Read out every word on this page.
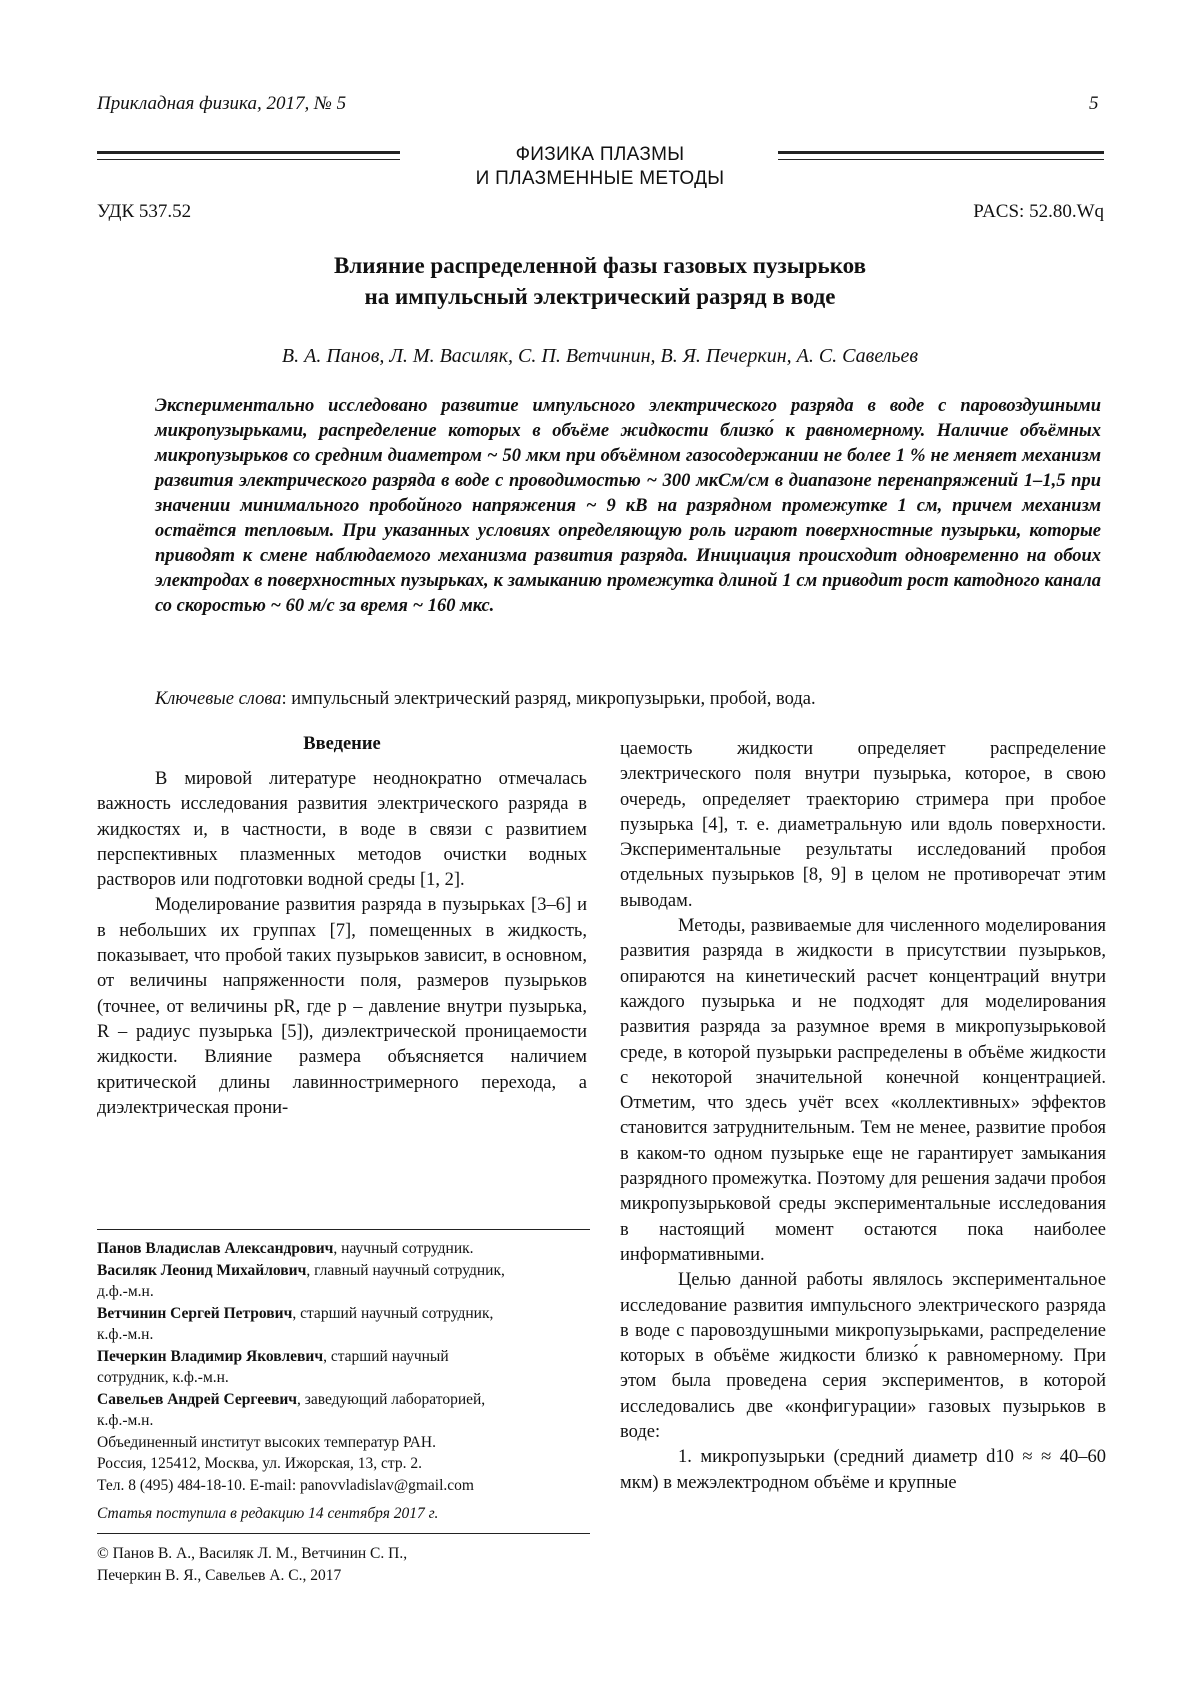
Прикладная физика, 2017, № 5	5
ФИЗИКА ПЛАЗМЫ
И ПЛАЗМЕННЫЕ МЕТОДЫ
УДК 537.52	PACS: 52.80.Wq
Влияние распределенной фазы газовых пузырьков
на импульсный электрический разряд в воде
В. А. Панов, Л. М. Василяк, С. П. Ветчинин, В. Я. Печеркин, А. С. Савельев

Экспериментально исследовано развитие импульсного электрического разряда в воде с паровоздушными микропузырьками, распределение которых в объёме жидкости близко́ к равномерному. Наличие объёмных микропузырьков со средним диаметром ~ 50 мкм при объёмном газосодержании не более 1 % не меняет механизм развития электрического разряда в воде с проводимостью ~ 300 мкСм/см в диапазоне перенапряжений 1–1,5 при значении минимального пробойного напряжения ~ 9 кВ на разрядном промежутке 1 см, причем механизм остаётся тепловым. При указанных условиях определяющую роль играют поверхностные пузырьки, которые приводят к смене наблюдаемого механизма развития разряда. Инициация происходит одновременно на обоих электродах в поверхностных пузырьках, к замыканию промежутка длиной 1 см приводит рост катодного канала со скоростью ~ 60 м/с за время ~ 160 мкс.

Ключевые слова: импульсный электрический разряд, микропузырьки, пробой, вода.
Введение

В мировой литературе неоднократно отмечалась важность исследования развития электрического разряда в жидкостях и, в частности, в воде в связи с развитием перспективных плазменных методов очистки водных растворов или подготовки водной среды [1, 2].

Моделирование развития разряда в пузырьках [3–6] и в небольших их группах [7], помещенных в жидкость, показывает, что пробой таких пузырьков зависит, в основном, от величины напряженности поля, размеров пузырьков (точнее, от величины pR, где p – давление внутри пузырька, R – радиус пузырька [5]), диэлектрической проницаемости жидкости. Влияние размера объясняется наличием критической длины лавинностримерного перехода, а диэлектрическая прони-

цаемость жидкости определяет распределение электрического поля внутри пузырька, которое, в свою очередь, определяет траекторию стримера при пробое пузырька [4], т. е. диаметральную или вдоль поверхности. Экспериментальные результаты исследований пробоя отдельных пузырьков [8, 9] в целом не противоречат этим выводам.

Методы, развиваемые для численного моделирования развития разряда в жидкости в присутствии пузырьков, опираются на кинетический расчет концентраций внутри каждого пузырька и не подходят для моделирования развития разряда за разумное время в микропузырьковой среде, в которой пузырьки распределены в объёме жидкости с некоторой значительной конечной концентрацией. Отметим, что здесь учёт всех «коллективных» эффектов становится затруднительным. Тем не менее, развитие пробоя в каком-то одном пузырьке еще не гарантирует замыкания разрядного промежутка. Поэтому для решения задачи пробоя микропузырьковой среды экспериментальные исследования в настоящий момент остаются пока наиболее информативными.

Целью данной работы являлось экспериментальное исследование развития импульсного электрического разряда в воде с паровоздушными микропузырьками, распределение которых в объёме жидкости близко́ к равномерному. При этом была проведена серия экспериментов, в которой исследовались две «конфигурации» газовых пузырьков в воде:

1. микропузырьки (средний диаметр d10 ≈ ≈ 40–60 мкм) в межэлектродном объёме и крупные

Панов Владислав Александрович, научный сотрудник.
Василяк Леонид Михайлович, главный научный сотрудник,
д.ф.-м.н.
Ветчинин Сергей Петрович, старший научный сотрудник,
к.ф.-м.н.
Печеркин Владимир Яковлевич, старший научный
сотрудник, к.ф.-м.н.
Савельев Андрей Сергеевич, заведующий лабораторией,
к.ф.-м.н.
Объединенный институт высоких температур РАН.
Россия, 125412, Москва, ул. Ижорская, 13, стр. 2.
Тел. 8 (495) 484-18-10. E-mail: panovvladislav@gmail.com
Статья поступила в редакцию 14 сентября 2017 г.
© Панов В. А., Василяк Л. М., Ветчинин С. П.,
Печеркин В. Я., Савельев А. С., 2017
